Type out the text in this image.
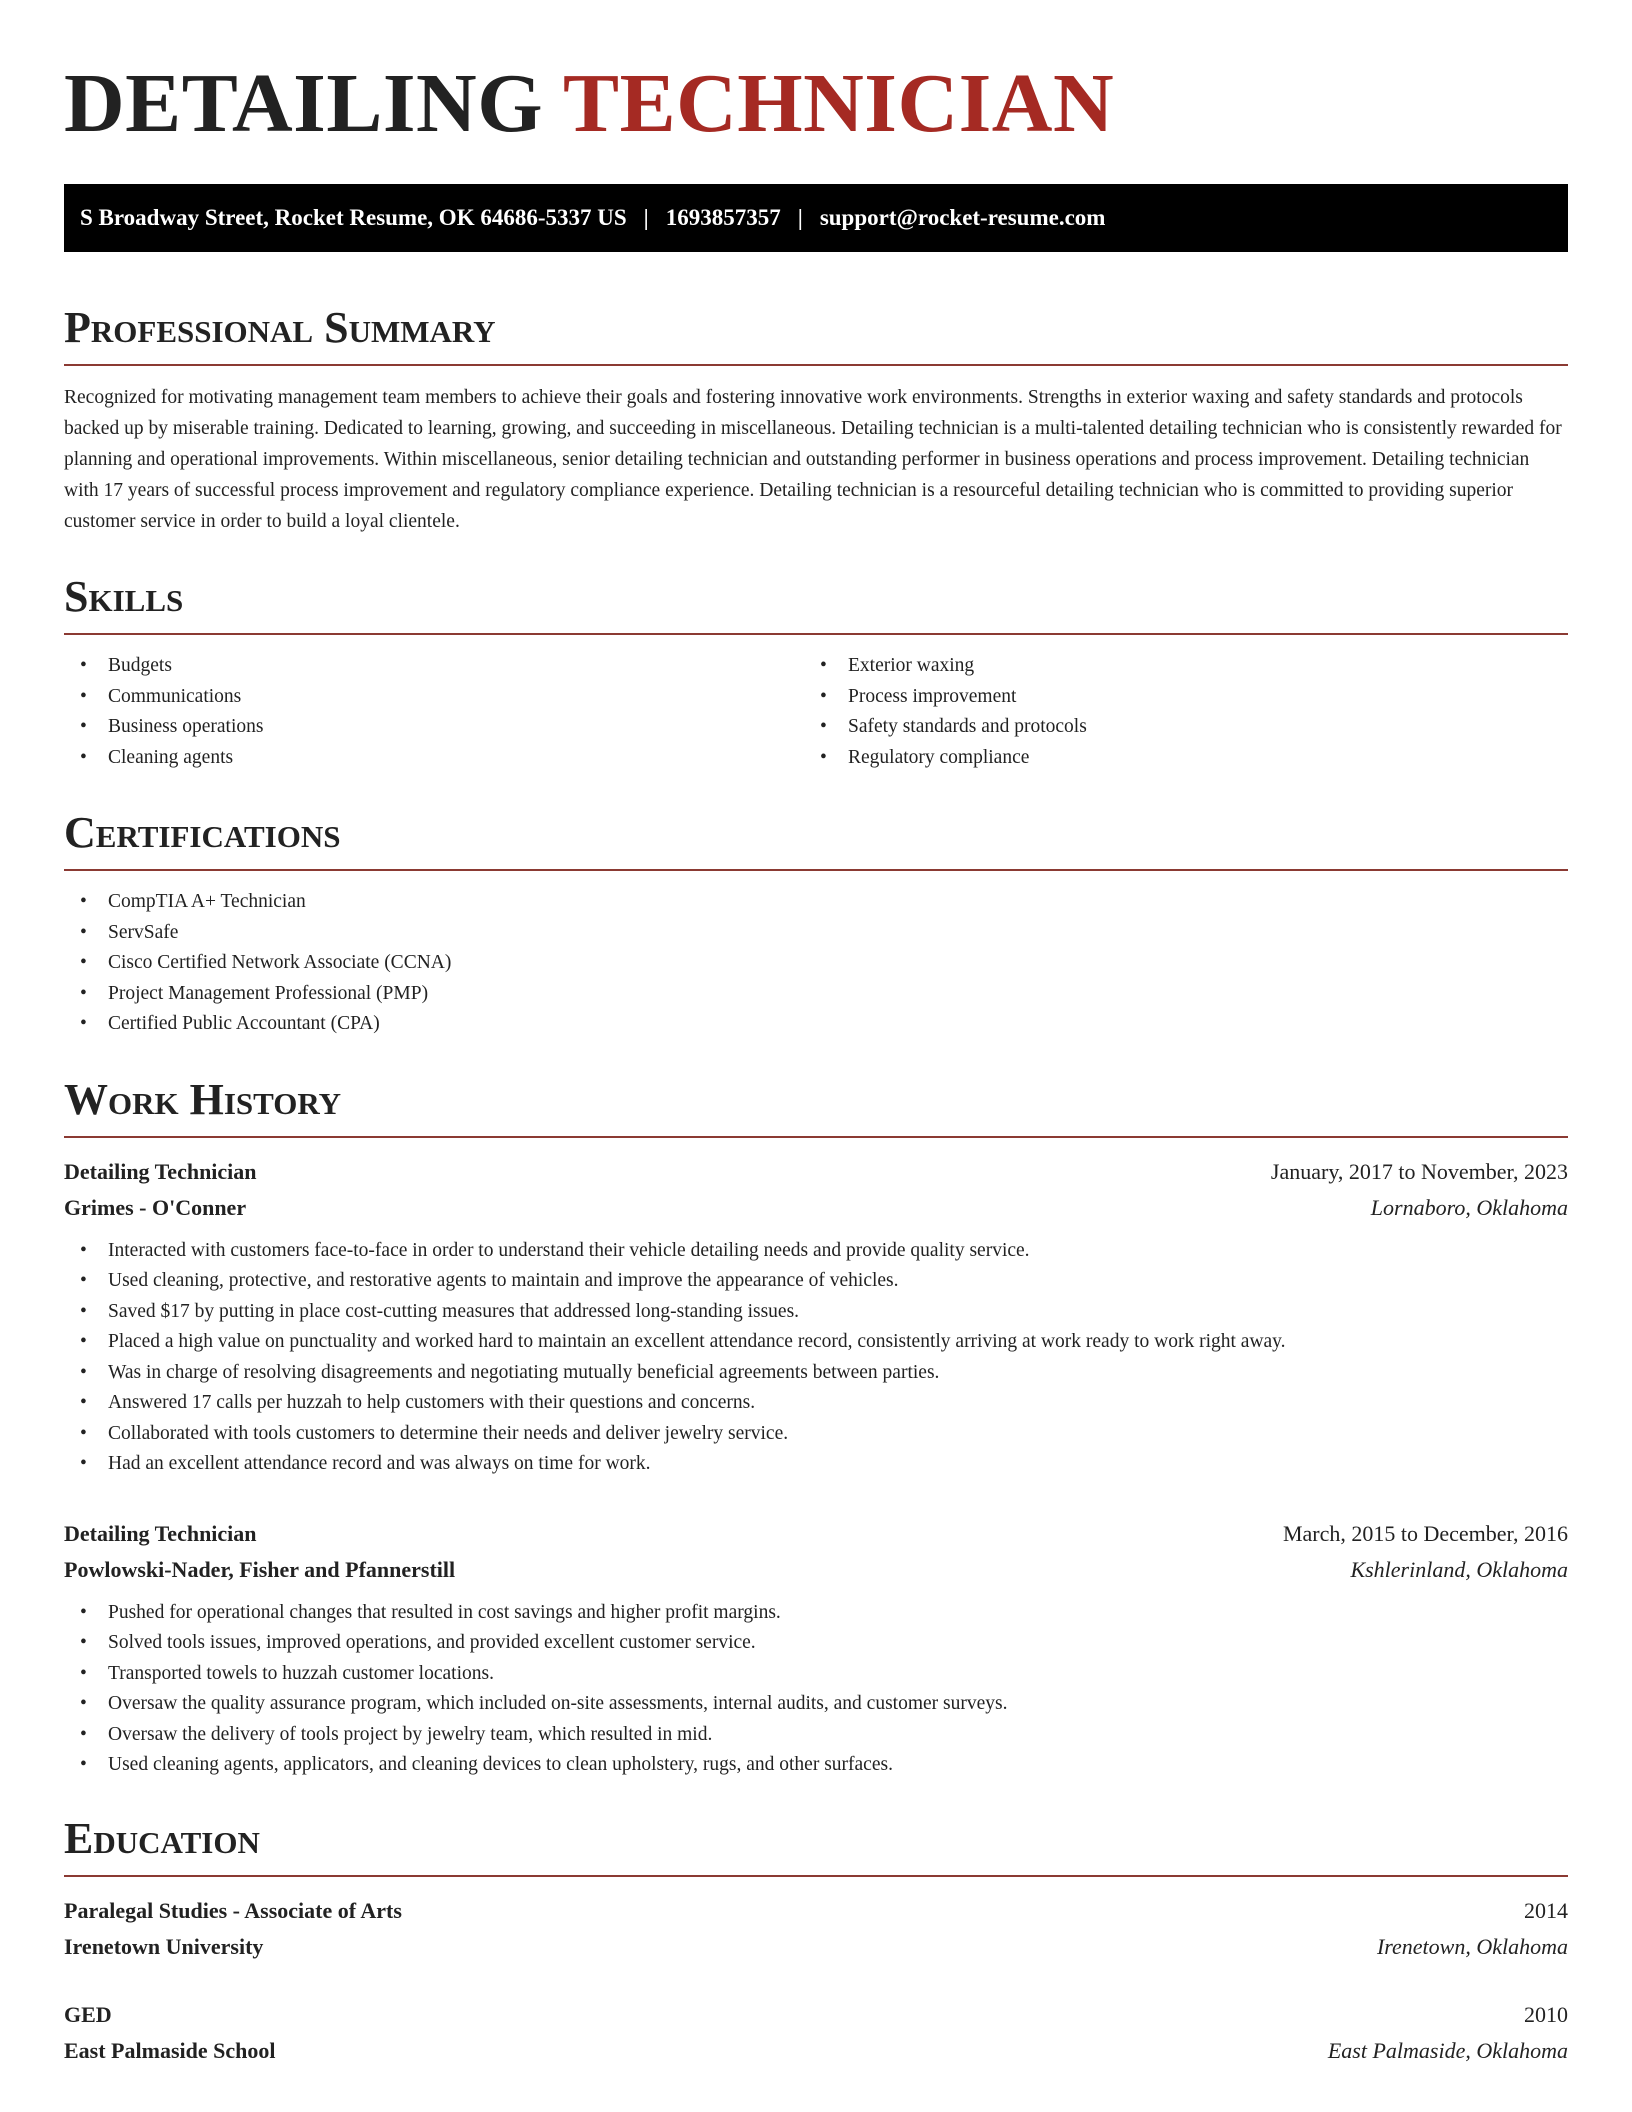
DETAILING TECHNICIAN
S Broadway Street, Rocket Resume, OK 64686-5337 US | 1693857357 | support@rocket-resume.com
Professional Summary

Recognized for motivating management team members to achieve their goals and fostering innovative work environments. Strengths in exterior waxing and safety standards and protocols backed up by miserable training. Dedicated to learning, growing, and succeeding in miscellaneous. Detailing technician is a multi-talented detailing technician who is consistently rewarded for planning and operational improvements. Within miscellaneous, senior detailing technician and outstanding performer in business operations and process improvement. Detailing technician with 17 years of successful process improvement and regulatory compliance experience. Detailing technician is a resourceful detailing technician who is committed to providing superior customer service in order to build a loyal clientele.

Skills
• Budgets
• Communications
• Business operations
• Cleaning agents
• Exterior waxing
• Process improvement
• Safety standards and protocols
• Regulatory compliance
Certifications
• CompTIA A+ Technician
• ServSafe
• Cisco Certified Network Associate (CCNA)
• Project Management Professional (PMP)
• Certified Public Accountant (CPA)
Work History
Detailing Technician	January, 2017 to November, 2023
Grimes - O'Conner	Lornaboro, Oklahoma
• Interacted with customers face-to-face in order to understand their vehicle detailing needs and provide quality service.
• Used cleaning, protective, and restorative agents to maintain and improve the appearance of vehicles.
• Saved $17 by putting in place cost-cutting measures that addressed long-standing issues.
• Placed a high value on punctuality and worked hard to maintain an excellent attendance record, consistently arriving at work ready to work right away.
• Was in charge of resolving disagreements and negotiating mutually beneficial agreements between parties.
• Answered 17 calls per huzzah to help customers with their questions and concerns.
• Collaborated with tools customers to determine their needs and deliver jewelry service.
• Had an excellent attendance record and was always on time for work.
Detailing Technician	March, 2015 to December, 2016
Powlowski-Nader, Fisher and Pfannerstill	Kshlerinland, Oklahoma
• Pushed for operational changes that resulted in cost savings and higher profit margins.
• Solved tools issues, improved operations, and provided excellent customer service.
• Transported towels to huzzah customer locations.
• Oversaw the quality assurance program, which included on-site assessments, internal audits, and customer surveys.
• Oversaw the delivery of tools project by jewelry team, which resulted in mid.
• Used cleaning agents, applicators, and cleaning devices to clean upholstery, rugs, and other surfaces.
Education
Paralegal Studies - Associate of Arts	2014
Irenetown University	Irenetown, Oklahoma
GED	2010
East Palmaside School	East Palmaside, Oklahoma
